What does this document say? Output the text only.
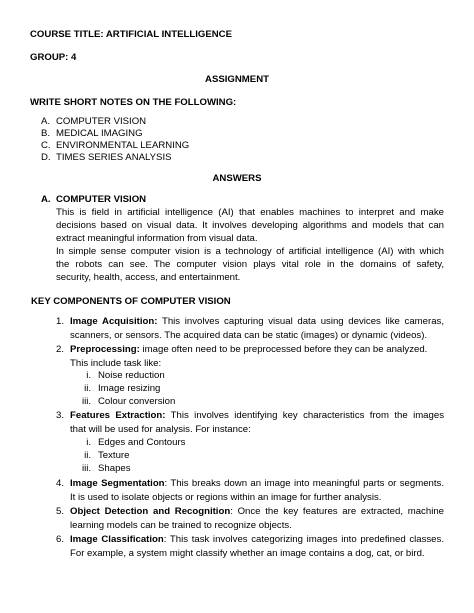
COURSE TITLE: ARTIFICIAL INTELLIGENCE
GROUP: 4
ASSIGNMENT
WRITE SHORT NOTES ON THE FOLLOWING:
A. COMPUTER VISION
B. MEDICAL IMAGING
C. ENVIRONMENTAL LEARNING
D. TIMES SERIES ANALYSIS
ANSWERS
A. COMPUTER VISION
This is field in artificial intelligence (AI) that enables machines to interpret and make
decisions based on visual data. It involves developing algorithms and models that can
extract meaningful information from visual data.
In simple sense computer vision is a technology of artificial intelligence (AI) with which
the robots can see. The computer vision plays vital role in the domains of safety,
security, health, access, and entertainment.
KEY COMPONENTS OF COMPUTER VISION
1. Image Acquisition: This involves capturing visual data using devices like cameras,
scanners, or sensors. The acquired data can be static (images) or dynamic (videos).
2. Preprocessing: image often need to be preprocessed before they can be analyzed.
This include task like:
i. Noise reduction
ii. Image resizing
iii. Colour conversion
3. Features Extraction: This involves identifying key characteristics from the images
that will be used for analysis. For instance:
i. Edges and Contours
ii. Texture
iii. Shapes
4. Image Segmentation: This breaks down an image into meaningful parts or segments.
It is used to isolate objects or regions within an image for further analysis.
5. Object Detection and Recognition: Once the key features are extracted, machine
learning models can be trained to recognize objects.
6. Image Classification: This task involves categorizing images into predefined classes.
For example, a system might classify whether an image contains a dog, cat, or bird.
